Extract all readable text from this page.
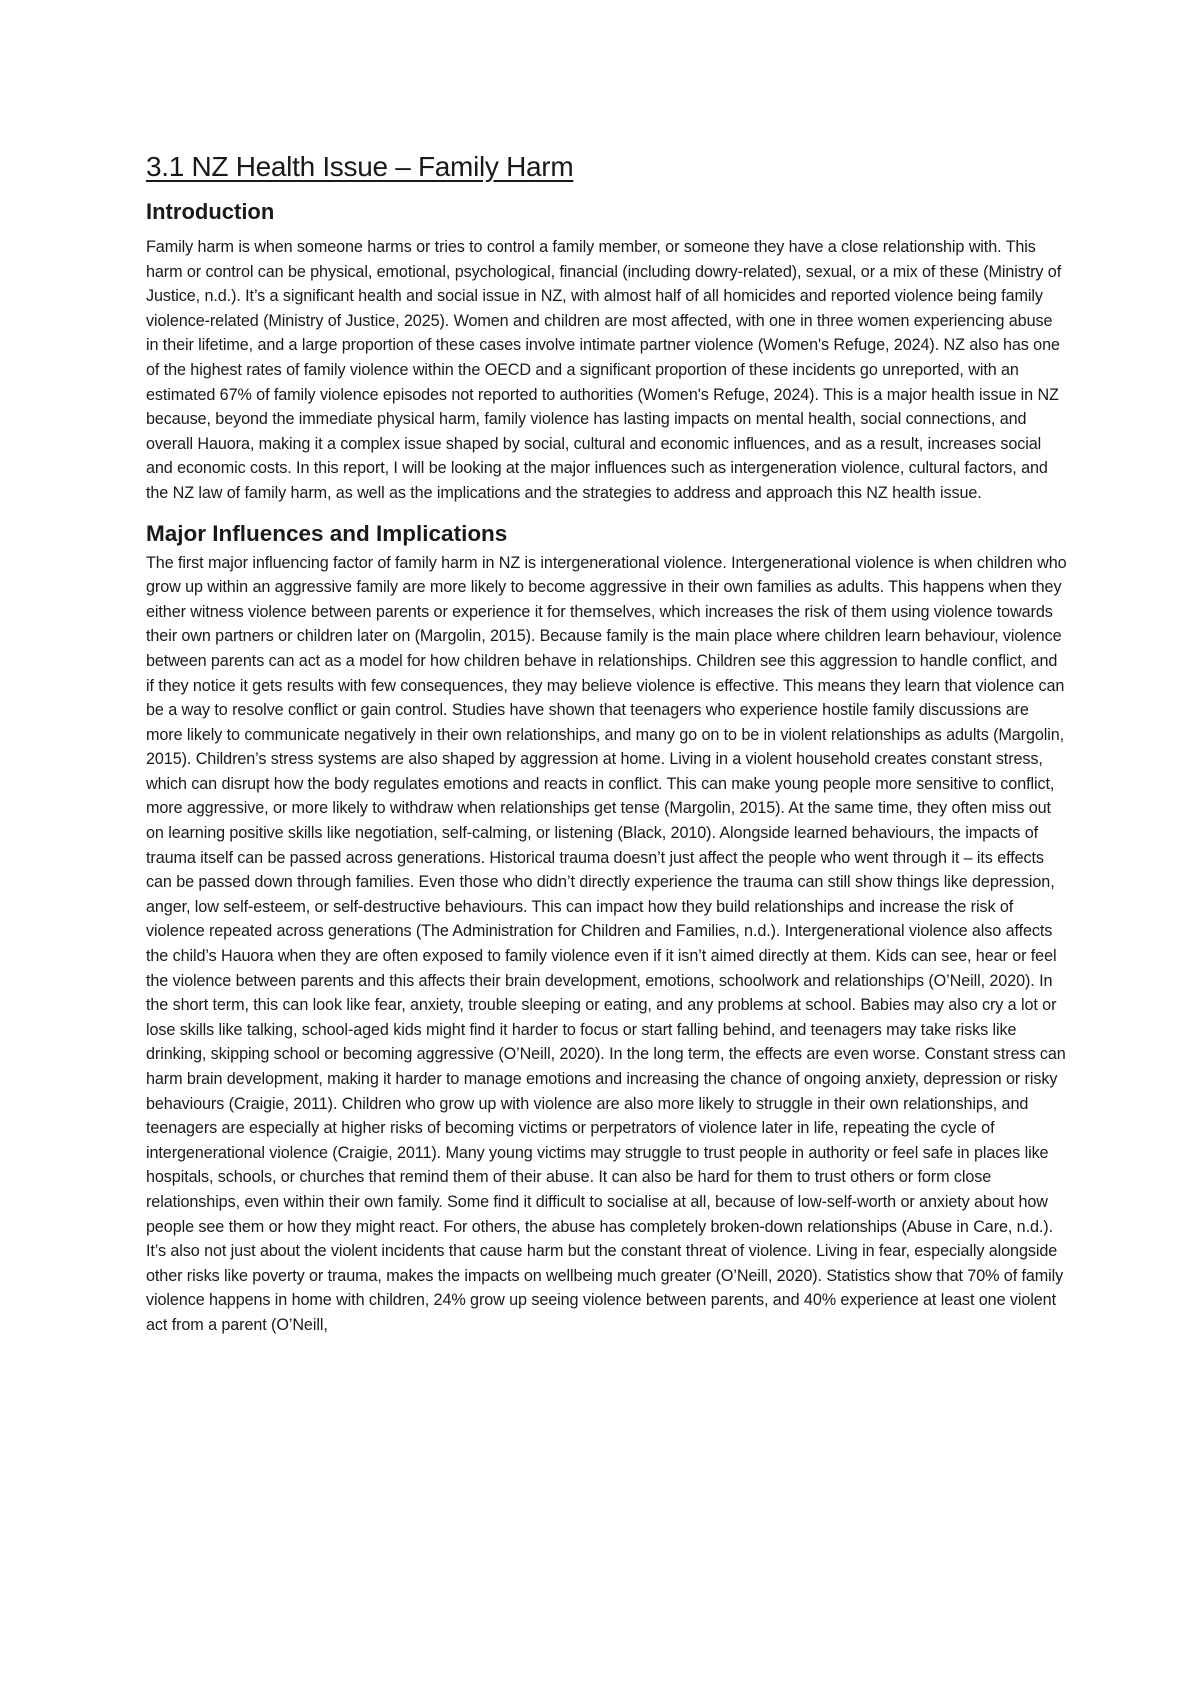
3.1 NZ Health Issue – Family Harm
Introduction

Family harm is when someone harms or tries to control a family member, or someone they have a close relationship with. This harm or control can be physical, emotional, psychological, financial (including dowry-related), sexual, or a mix of these (Ministry of Justice, n.d.). It’s a significant health and social issue in NZ, with almost half of all homicides and reported violence being family violence-related (Ministry of Justice, 2025). Women and children are most affected, with one in three women experiencing abuse in their lifetime, and a large proportion of these cases involve intimate partner violence (Women's Refuge, 2024). NZ also has one of the highest rates of family violence within the OECD and a significant proportion of these incidents go unreported, with an estimated 67% of family violence episodes not reported to authorities (Women's Refuge, 2024). This is a major health issue in NZ because, beyond the immediate physical harm, family violence has lasting impacts on mental health, social connections, and overall Hauora, making it a complex issue shaped by social, cultural and economic influences, and as a result, increases social and economic costs. In this report, I will be looking at the major influences such as intergeneration violence, cultural factors, and the NZ law of family harm, as well as the implications and the strategies to address and approach this NZ health issue.

Major Influences and Implications

The first major influencing factor of family harm in NZ is intergenerational violence. Intergenerational violence is when children who grow up within an aggressive family are more likely to become aggressive in their own families as adults. This happens when they either witness violence between parents or experience it for themselves, which increases the risk of them using violence towards their own partners or children later on (Margolin, 2015). Because family is the main place where children learn behaviour, violence between parents can act as a model for how children behave in relationships. Children see this aggression to handle conflict, and if they notice it gets results with few consequences, they may believe violence is effective. This means they learn that violence can be a way to resolve conflict or gain control. Studies have shown that teenagers who experience hostile family discussions are more likely to communicate negatively in their own relationships, and many go on to be in violent relationships as adults (Margolin, 2015). Children’s stress systems are also shaped by aggression at home. Living in a violent household creates constant stress, which can disrupt how the body regulates emotions and reacts in conflict. This can make young people more sensitive to conflict, more aggressive, or more likely to withdraw when relationships get tense (Margolin, 2015). At the same time, they often miss out on learning positive skills like negotiation, self-calming, or listening (Black, 2010). Alongside learned behaviours, the impacts of trauma itself can be passed across generations. Historical trauma doesn’t just affect the people who went through it – its effects can be passed down through families. Even those who didn’t directly experience the trauma can still show things like depression, anger, low self-esteem, or self-destructive behaviours. This can impact how they build relationships and increase the risk of violence repeated across generations (The Administration for Children and Families, n.d.). Intergenerational violence also affects the child’s Hauora when they are often exposed to family violence even if it isn’t aimed directly at them. Kids can see, hear or feel the violence between parents and this affects their brain development, emotions, schoolwork and relationships (O’Neill, 2020). In the short term, this can look like fear, anxiety, trouble sleeping or eating, and any problems at school. Babies may also cry a lot or lose skills like talking, school-aged kids might find it harder to focus or start falling behind, and teenagers may take risks like drinking, skipping school or becoming aggressive (O’Neill, 2020). In the long term, the effects are even worse. Constant stress can harm brain development, making it harder to manage emotions and increasing the chance of ongoing anxiety, depression or risky behaviours (Craigie, 2011). Children who grow up with violence are also more likely to struggle in their own relationships, and teenagers are especially at higher risks of becoming victims or perpetrators of violence later in life, repeating the cycle of intergenerational violence (Craigie, 2011). Many young victims may struggle to trust people in authority or feel safe in places like hospitals, schools, or churches that remind them of their abuse. It can also be hard for them to trust others or form close relationships, even within their own family. Some find it difficult to socialise at all, because of low-self-worth or anxiety about how people see them or how they might react. For others, the abuse has completely broken-down relationships (Abuse in Care, n.d.). It’s also not just about the violent incidents that cause harm but the constant threat of violence. Living in fear, especially alongside other risks like poverty or trauma, makes the impacts on wellbeing much greater (O’Neill, 2020). Statistics show that 70% of family violence happens in home with children, 24% grow up seeing violence between parents, and 40% experience at least one violent act from a parent (O’Neill,
